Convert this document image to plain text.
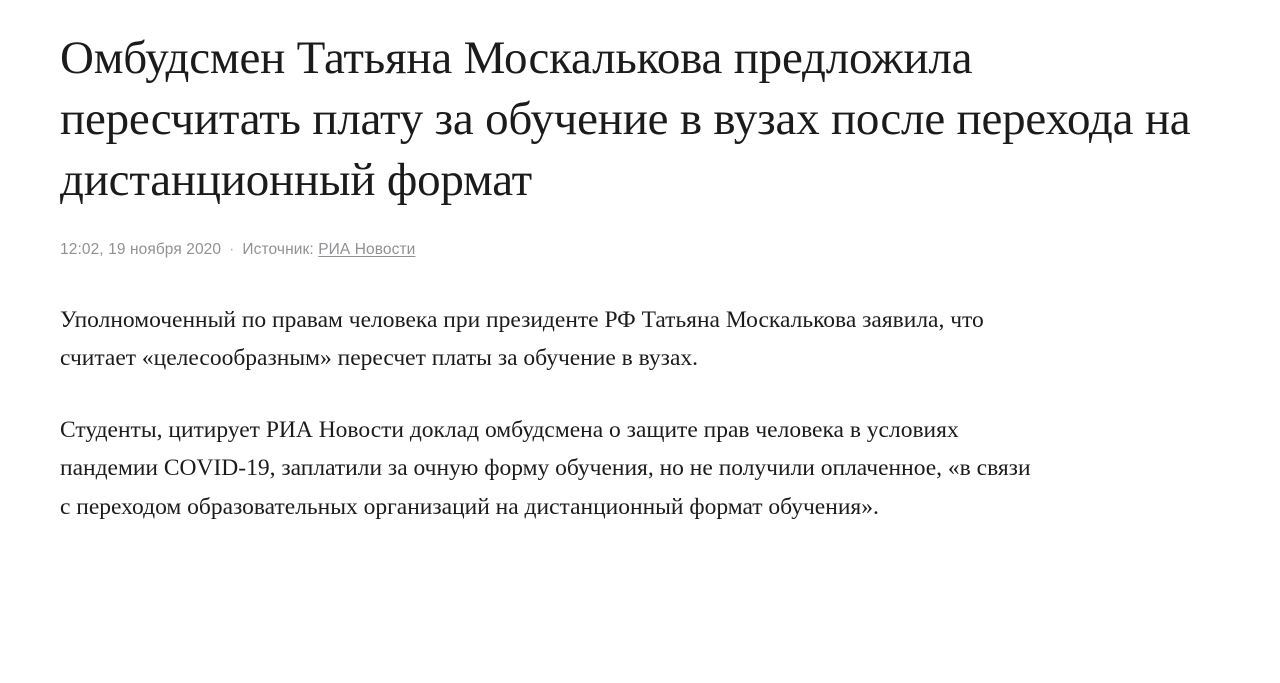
Омбудсмен Татьяна Москалькова предложила пересчитать плату за обучение в вузах после перехода на дистанционный формат
12:02, 19 ноября 2020 · Источник:
РИА Новости

Уполномоченный по правам человека при президенте РФ Татьяна Москалькова заявила, что считает «целесообразным» пересчет платы за обучение в вузах.

Студенты, цитирует РИА Новости доклад омбудсмена о защите прав человека в условиях пандемии COVID-19, заплатили за очную форму обучения, но не получили оплаченное, «в связи с переходом образовательных организаций на дистанционный формат обучения».
